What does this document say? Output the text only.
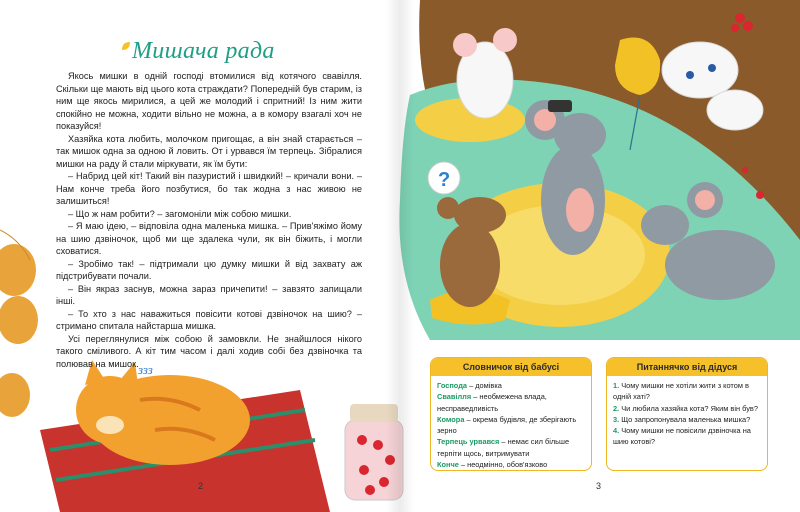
?
Мишача рада

Якось мишки в одній господі втомилися від котячого свавілля. Скільки ще мають від цього кота страждати? Попередній був старим, із ним ще якось мирилися, а цей же молодий і спритний! Із ним жити спокійно не можна, ходити вільно не можна, а в комору взагалі хоч не показуйся!

Хазяйка кота любить, молочком пригощає, а він знай старається – так мишок одна за одною й ловить. От і урвався їм терпець. Зібралися мишки на раду й стали міркувати, як їм бути:

– Набрид цей кіт! Такий він пазуристий і швидкий! – кричали вони. – Нам конче треба його позбутися, бо так жодна з нас живою не залишиться!

– Що ж нам робити? – загомоніли між собою мишки.

– Я маю ідею, – відповіла одна маленька мишка. – Прив'яжімо йому на шию дзвіночок, щоб ми ще здалека чули, як він біжить, і могли сховатися.

– Зробімо так! – підтримали цю думку мишки й від захвату аж підстрибувати почали.

– Він якраз заснув, можна зараз причепити! – завзято запищали інші.

– То хто з нас наважиться повісити котові дзвіночок на шию? – стримано спитала найстарша мишка.

Усі переглянулися між собою й замовкли. Не знайшлося нікого такого сміливого. А кіт тим часом і далі ходив собі без дзвіночка та полював на мишок. ззз
2	3
Словничок від бабусі
Господа – домівка
Свавілля – необмежена влада, несправедливість
Комора – окрема будівля, де зберігають зерно
Терпець урвався – немає сил більше терпіти щось, витримувати
Конче – неодмінно, обов'язково
Питаннячко від дідуся
1. Чому мишки не хотіли жити з котом в одній хаті?
2. Чи любила хазяйка кота? Яким він був?
3. Що запропонувала маленька мишка?
4. Чому мишки не повісили дзвіночка на шию котові?
